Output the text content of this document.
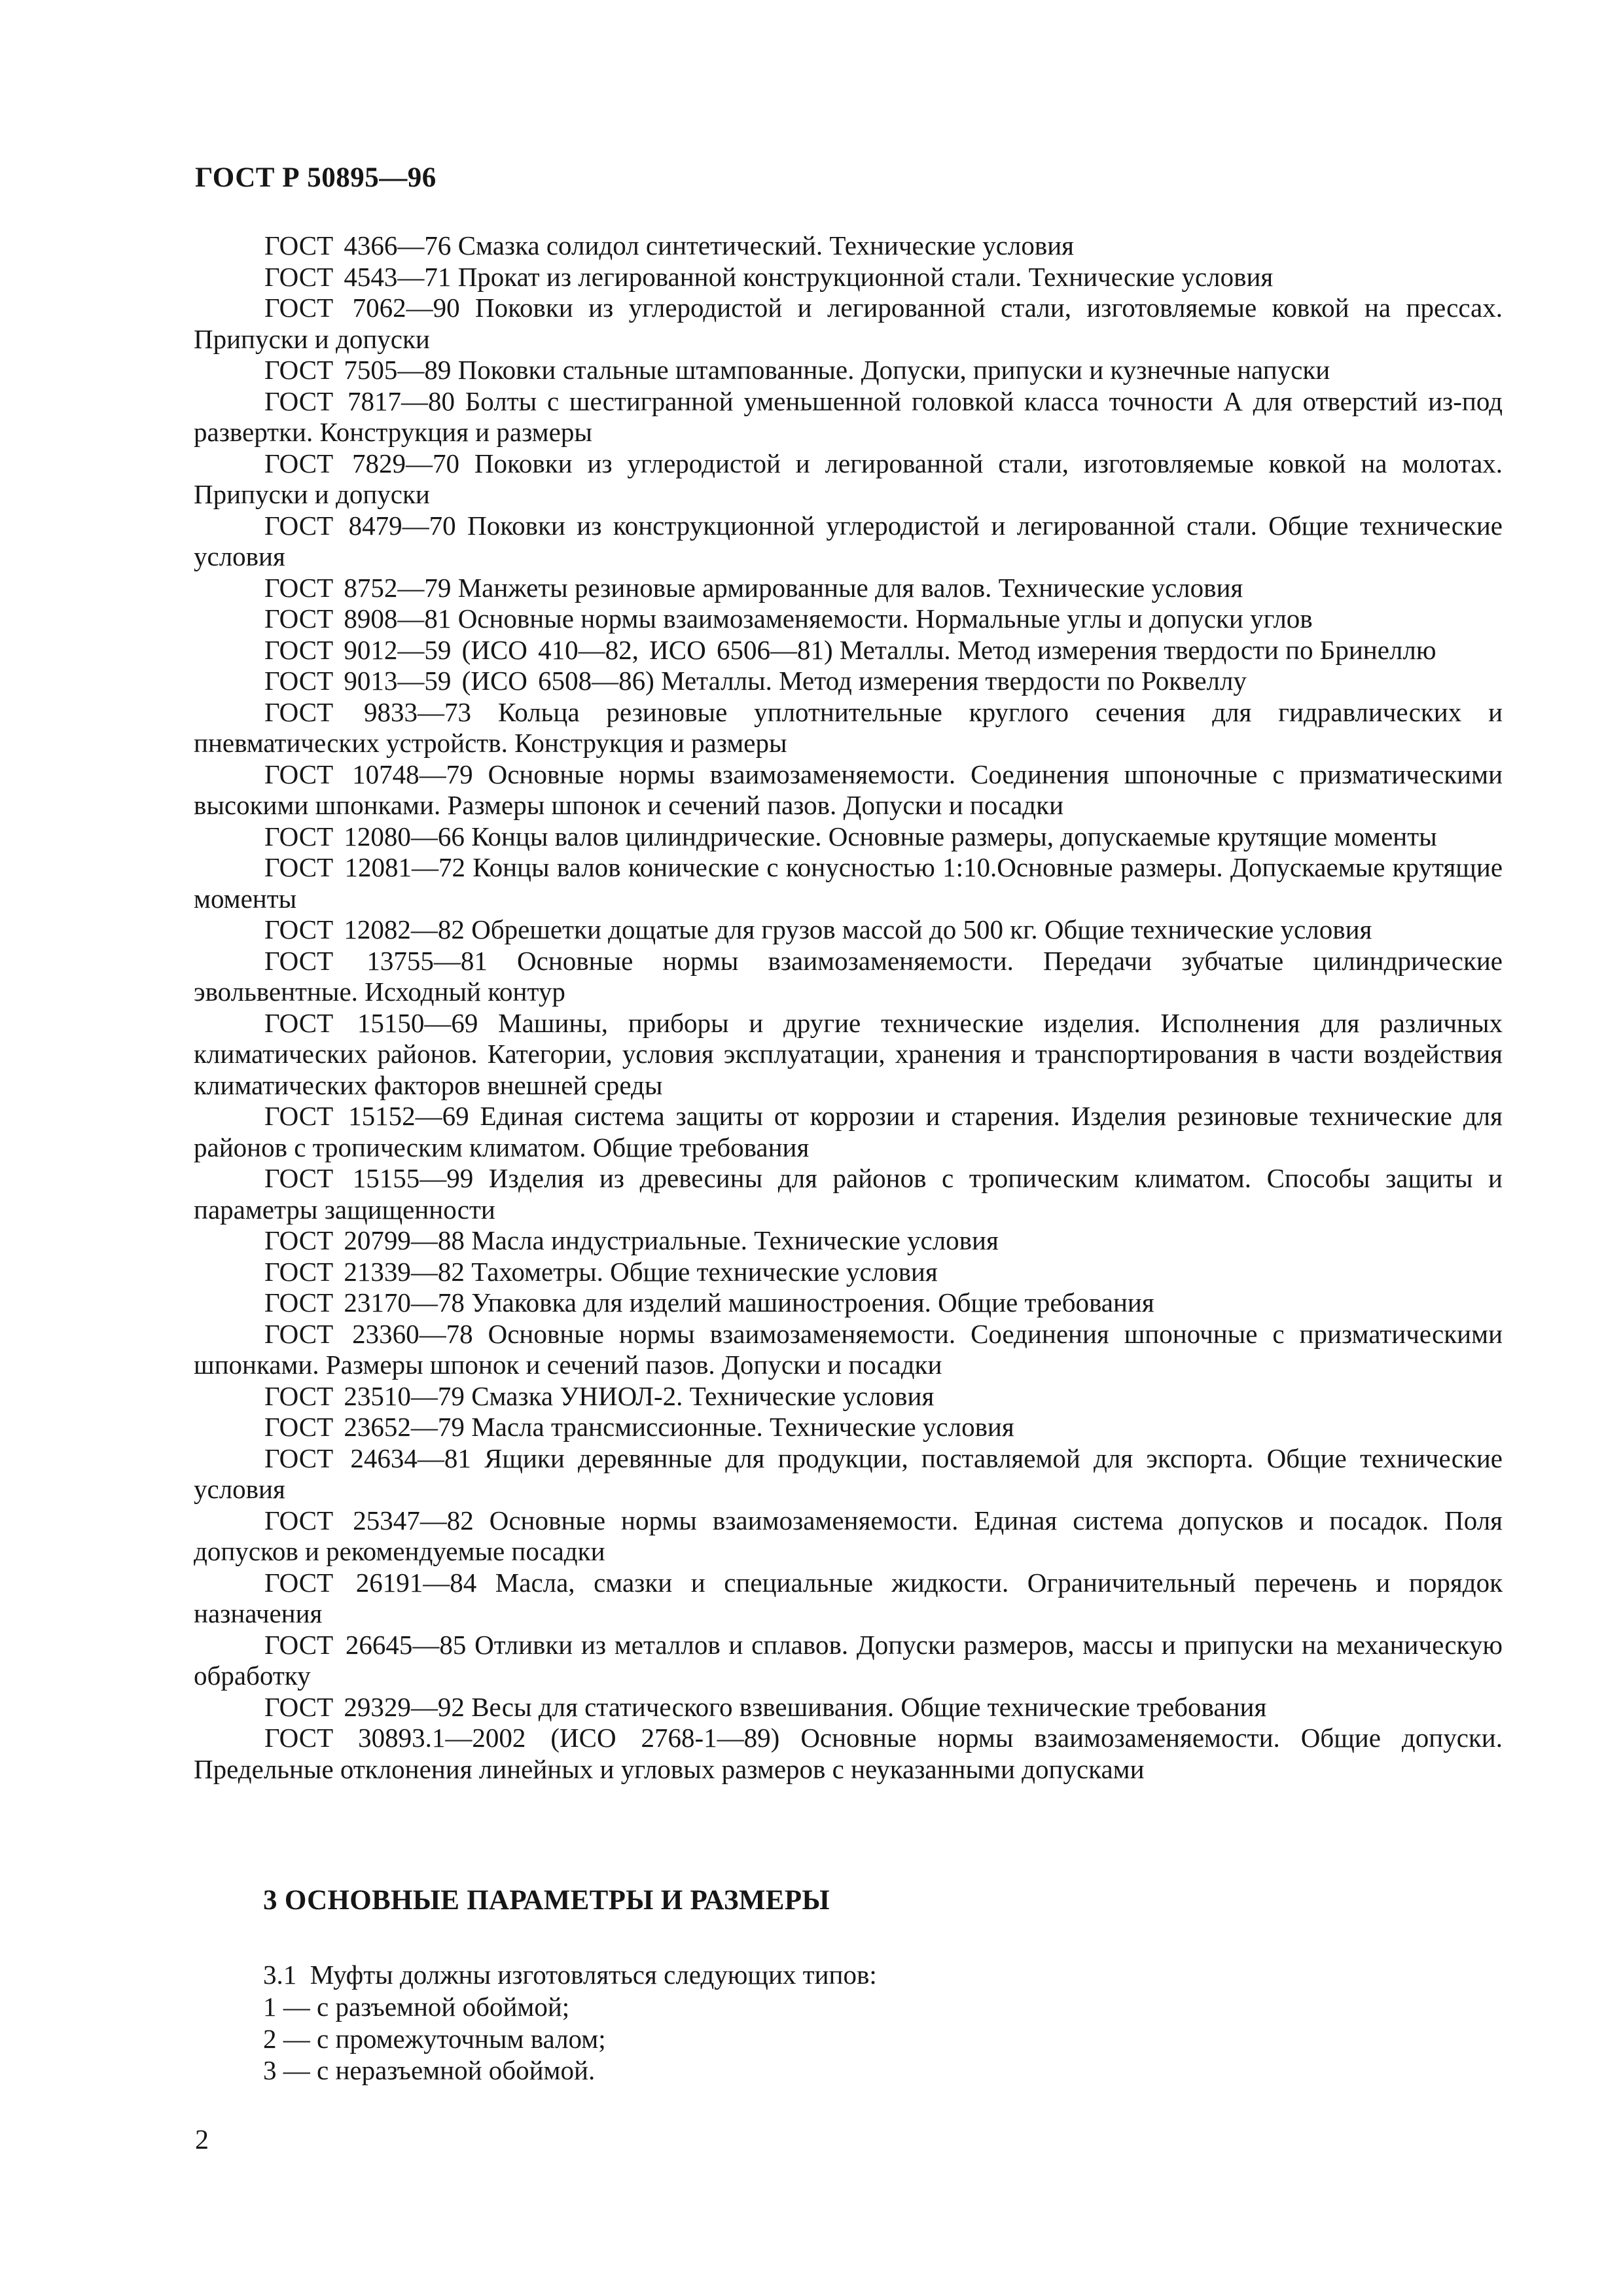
ГОСТ Р 50895—96
ГОСТ 4366—76 Смазка солидол синтетический. Технические условия
ГОСТ 4543—71 Прокат из легированной конструкционной стали. Технические условия
ГОСТ 7062—90 Поковки из углеродистой и легированной стали, изготовляемые ковкой на прессах. Припуски и допуски
ГОСТ 7505—89 Поковки стальные штампованные. Допуски, припуски и кузнечные напуски
ГОСТ 7817—80 Болты с шестигранной уменьшенной головкой класса точности А для отверстий из-под развертки. Конструкция и размеры
ГОСТ 7829—70 Поковки из углеродистой и легированной стали, изготовляемые ковкой на молотах. Припуски и допуски
ГОСТ 8479—70 Поковки из конструкционной углеродистой и легированной стали. Общие технические условия
ГОСТ 8752—79 Манжеты резиновые армированные для валов. Технические условия
ГОСТ 8908—81 Основные нормы взаимозаменяемости. Нормальные углы и допуски углов
ГОСТ 9012—59 (ИСО 410—82, ИСО 6506—81) Металлы. Метод измерения твердости по Бринеллю
ГОСТ 9013—59 (ИСО 6508—86) Металлы. Метод измерения твердости по Роквеллу
ГОСТ 9833—73 Кольца резиновые уплотнительные круглого сечения для гидравлических и пневматических устройств. Конструкция и размеры
ГОСТ 10748—79 Основные нормы взаимозаменяемости. Соединения шпоночные с призматическими высокими шпонками. Размеры шпонок и сечений пазов. Допуски и посадки
ГОСТ 12080—66 Концы валов цилиндрические. Основные размеры, допускаемые крутящие моменты
ГОСТ 12081—72 Концы валов конические с конусностью 1:10.Основные размеры. Допускаемые крутящие моменты
ГОСТ 12082—82 Обрешетки дощатые для грузов массой до 500 кг. Общие технические условия
ГОСТ 13755—81 Основные нормы взаимозаменяемости. Передачи зубчатые цилиндрические эвольвентные. Исходный контур
ГОСТ 15150—69 Машины, приборы и другие технические изделия. Исполнения для различных климатических районов. Категории, условия эксплуатации, хранения и транспортирования в части воздействия климатических факторов внешней среды
ГОСТ 15152—69 Единая система защиты от коррозии и старения. Изделия резиновые технические для районов с тропическим климатом. Общие требования
ГОСТ 15155—99 Изделия из древесины для районов с тропическим климатом. Способы защиты и параметры защищенности
ГОСТ 20799—88 Масла индустриальные. Технические условия
ГОСТ 21339—82 Тахометры. Общие технические условия
ГОСТ 23170—78 Упаковка для изделий машиностроения. Общие требования
ГОСТ 23360—78 Основные нормы взаимозаменяемости. Соединения шпоночные с призматическими шпонками. Размеры шпонок и сечений пазов. Допуски и посадки
ГОСТ 23510—79 Смазка УНИОЛ-2. Технические условия
ГОСТ 23652—79 Масла трансмиссионные. Технические условия
ГОСТ 24634—81 Ящики деревянные для продукции, поставляемой для экспорта. Общие технические условия
ГОСТ 25347—82 Основные нормы взаимозаменяемости. Единая система допусков и посадок. Поля допусков и рекомендуемые посадки
ГОСТ 26191—84 Масла, смазки и специальные жидкости. Ограничительный перечень и порядок назначения
ГОСТ 26645—85 Отливки из металлов и сплавов. Допуски размеров, массы и припуски на механическую обработку
ГОСТ 29329—92 Весы для статического взвешивания. Общие технические требования
ГОСТ 30893.1—2002 (ИСО 2768-1—89) Основные нормы взаимозаменяемости. Общие допуски. Предельные отклонения линейных и угловых размеров с неуказанными допусками
3 ОСНОВНЫЕ ПАРАМЕТРЫ И РАЗМЕРЫ
3.1 Муфты должны изготовляться следующих типов:
1 — с разъемной обоймой;
2 — с промежуточным валом;
3 — с неразъемной обоймой.
2
